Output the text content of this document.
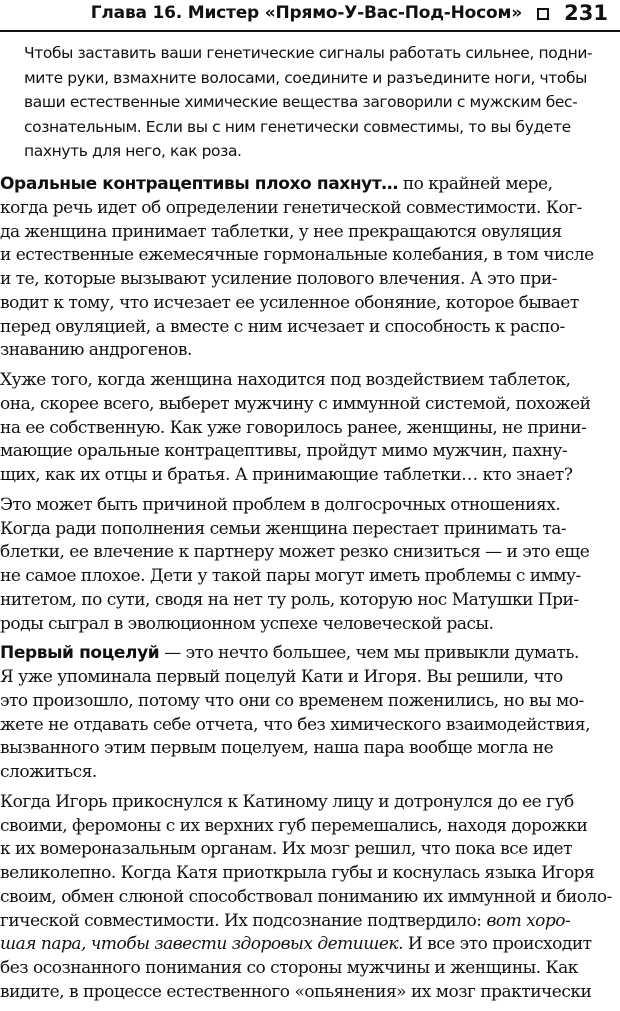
Глава 16. Мистер «Прямо-У-Вас-Под-Носом» 231
Чтобы заставить ваши генетические сигналы работать сильнее, подни-
мите руки, взмахните волосами, соедините и разъедините ноги, чтобы
ваши естественные химические вещества заговорили с мужским бес-
сознательным. Если вы с ним генетически совместимы, то вы будете
пахнуть для него, как роза.
Оральные контрацептивы плохо пахнут… по крайней мере,
когда речь идет об определении генетической совместимости. Ког-
да женщина принимает таблетки, у нее прекращаются овуляция
и естественные ежемесячные гормональные колебания, в том числе
и те, которые вызывают усиление полового влечения. А это при-
водит к тому, что исчезает ее усиленное обоняние, которое бывает
перед овуляцией, а вместе с ним исчезает и способность к распо-
знаванию андрогенов.
Хуже того, когда женщина находится под воздействием таблеток,
она, скорее всего, выберет мужчину с иммунной системой, похожей
на ее собственную. Как уже говорилось ранее, женщины, не прини-
мающие оральные контрацептивы, пройдут мимо мужчин, пахну-
щих, как их отцы и братья. А принимающие таблетки… кто знает?
Это может быть причиной проблем в долгосрочных отношениях.
Когда ради пополнения семьи женщина перестает принимать та-
блетки, ее влечение к партнеру может резко снизиться — и это еще
не самое плохое. Дети у такой пары могут иметь проблемы с имму-
нитетом, по сути, сводя на нет ту роль, которую нос Матушки При-
роды сыграл в эволюционном успехе человеческой расы.
Первый поцелуй — это нечто большее, чем мы привыкли думать.
Я уже упоминала первый поцелуй Кати и Игоря. Вы решили, что
это произошло, потому что они со временем поженились, но вы мо-
жете не отдавать себе отчета, что без химического взаимодействия,
вызванного этим первым поцелуем, наша пара вообще могла не
сложиться.
Когда Игорь прикоснулся к Катиному лицу и дотронулся до ее губ
своими, феромоны с их верхних губ перемешались, находя дорожки
к их вомероназальным органам. Их мозг решил, что пока все идет
великолепно. Когда Катя приоткрыла губы и коснулась языка Игоря
своим, обмен слюной способствовал пониманию их иммунной и биоло-
гической совместимости. Их подсознание подтвердило: вот хоро-
шая пара, чтобы завести здоровых детишек. И все это происходит
без осознанного понимания со стороны мужчины и женщины. Как
видите, в процессе естественного «опьянения» их мозг практически
